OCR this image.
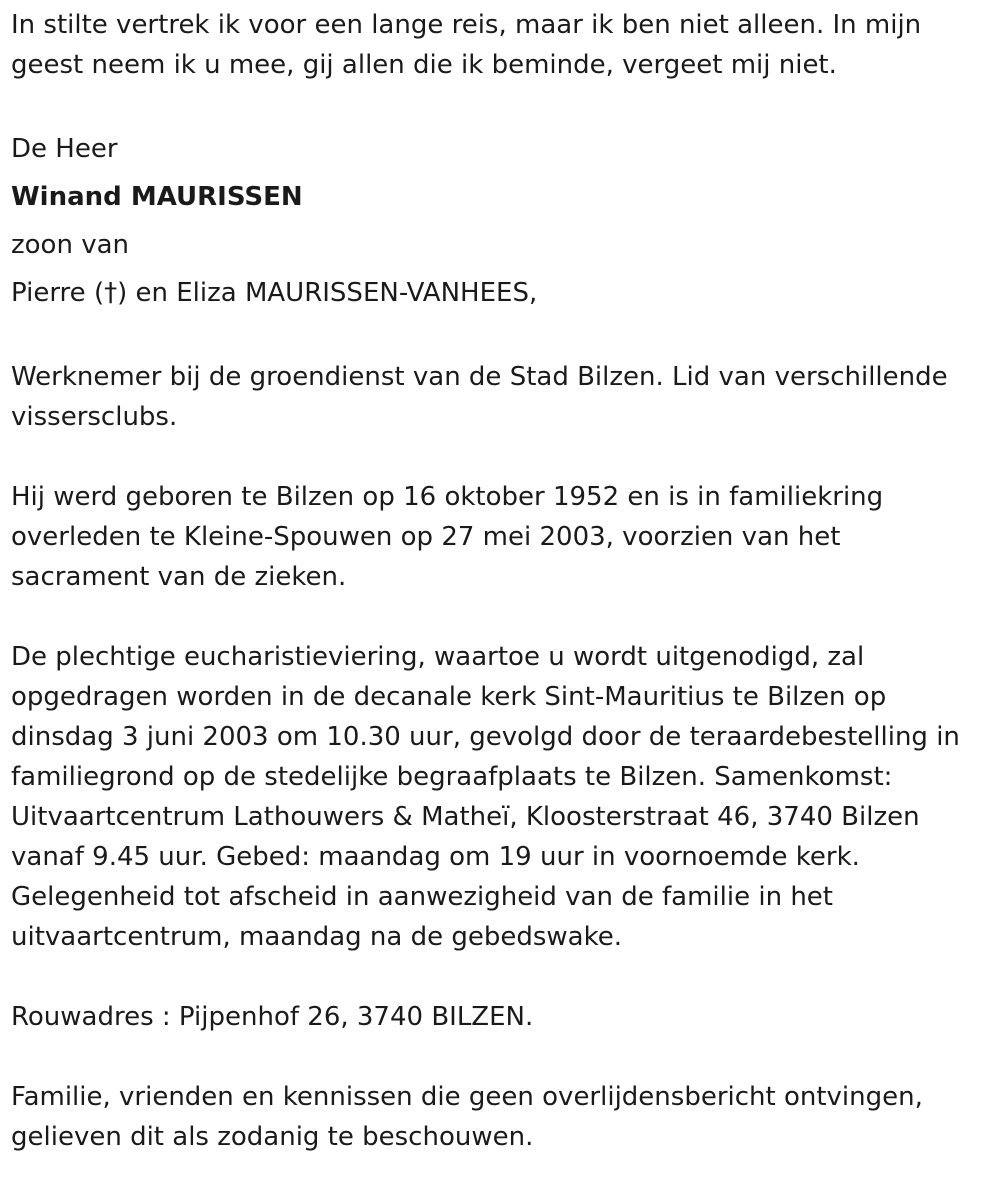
In stilte vertrek ik voor een lange reis, maar ik ben niet alleen. In mijn
geest neem ik u mee, gij allen die ik beminde, vergeet mij niet.
De Heer
Winand MAURISSEN
zoon van
Pierre (†) en Eliza MAURISSEN-VANHEES,
Werknemer bij de groendienst van de Stad Bilzen. Lid van verschillende
vissersclubs.
Hij werd geboren te Bilzen op 16 oktober 1952 en is in familiekring
overleden te Kleine-Spouwen op 27 mei 2003, voorzien van het
sacrament van de zieken.
De plechtige eucharistieviering, waartoe u wordt uitgenodigd, zal
opgedragen worden in de decanale kerk Sint-Mauritius te Bilzen op
dinsdag 3 juni 2003 om 10.30 uur, gevolgd door de teraardebestelling in
familiegrond op de stedelijke begraafplaats te Bilzen. Samenkomst:
Uitvaartcentrum Lathouwers & Matheï, Kloosterstraat 46, 3740 Bilzen
vanaf 9.45 uur. Gebed: maandag om 19 uur in voornoemde kerk.
Gelegenheid tot afscheid in aanwezigheid van de familie in het
uitvaartcentrum, maandag na de gebedswake.
Rouwadres : Pijpenhof 26, 3740 BILZEN.
Familie, vrienden en kennissen die geen overlijdensbericht ontvingen,
gelieven dit als zodanig te beschouwen.
